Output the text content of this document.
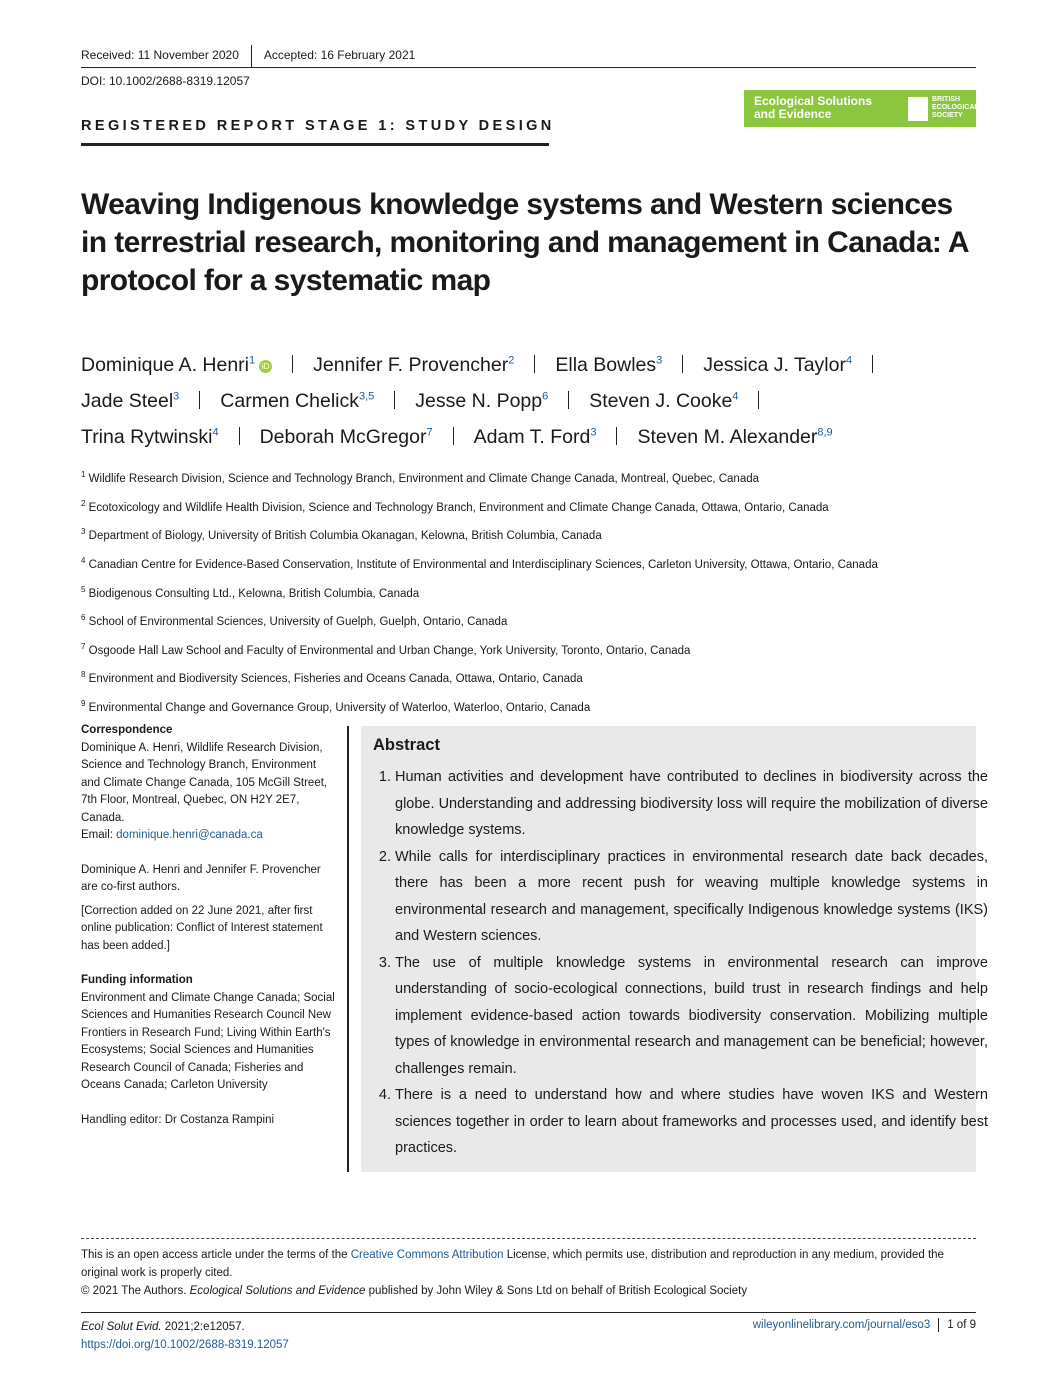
Received: 11 November 2020 Accepted: 16 February 2021
DOI: 10.1002/2688-8319.12057
REGISTERED REPORT STAGE 1: STUDY DESIGN
Ecological Solutions
and Evidence
BRITISH
ECOLOGICAL
SOCIETY
Weaving Indigenous knowledge systems and Western sciences in terrestrial research, monitoring and management in Canada: A protocol for a systematic map
Dominique A. Henri$^1$ iD Jennifer F. Provencher$^2$ Ella Bowles$^3$ Jessica J. Taylor$^4$
Jade Steel$^3$ Carmen Chelick$^{3,5}$ Jesse N. Popp$^6$ Steven J. Cooke$^4$
Trina Rytwinski$^4$ Deborah McGregor$^7$ Adam T. Ford$^3$ Steven M. Alexander$^{8,9}$
$^1$ Wildlife Research Division, Science and Technology Branch, Environment and Climate Change Canada, Montreal, Quebec, Canada
$^2$ Ecotoxicology and Wildlife Health Division, Science and Technology Branch, Environment and Climate Change Canada, Ottawa, Ontario, Canada
$^3$ Department of Biology, University of British Columbia Okanagan, Kelowna, British Columbia, Canada
$^4$ Canadian Centre for Evidence-Based Conservation, Institute of Environmental and Interdisciplinary Sciences, Carleton University, Ottawa, Ontario, Canada
$^5$ Biodigenous Consulting Ltd., Kelowna, British Columbia, Canada
$^6$ School of Environmental Sciences, University of Guelph, Guelph, Ontario, Canada
$^7$ Osgoode Hall Law School and Faculty of Environmental and Urban Change, York University, Toronto, Ontario, Canada
$^8$ Environment and Biodiversity Sciences, Fisheries and Oceans Canada, Ottawa, Ontario, Canada
$^9$ Environmental Change and Governance Group, University of Waterloo, Waterloo, Ontario, Canada
Correspondence
Dominique A. Henri, Wildlife Research Division, Science and Technology Branch, Environment and Climate Change Canada, 105 McGill Street, 7th Floor, Montreal, Quebec, ON H2Y 2E7, Canada.
Email: dominique.henri@canada.ca
Dominique A. Henri and Jennifer F. Provencher are co-first authors.
[Correction added on 22 June 2021, after first online publication: Conflict of Interest statement has been added.]
Funding information
Environment and Climate Change Canada; Social Sciences and Humanities Research Council New Frontiers in Research Fund; Living Within Earth's Ecosystems; Social Sciences and Humanities Research Council of Canada; Fisheries and Oceans Canada; Carleton University
Handling editor: Dr Costanza Rampini
Abstract
1. Human activities and development have contributed to declines in biodiversity across the globe. Understanding and addressing biodiversity loss will require the mobilization of diverse knowledge systems.
2. While calls for interdisciplinary practices in environmental research date back decades, there has been a more recent push for weaving multiple knowledge systems in environmental research and management, specifically Indigenous knowledge systems (IKS) and Western sciences.
3. The use of multiple knowledge systems in environmental research can improve understanding of socio-ecological connections, build trust in research findings and help implement evidence-based action towards biodiversity conservation. Mobilizing multiple types of knowledge in environmental research and management can be beneficial; however, challenges remain.
4. There is a need to understand how and where studies have woven IKS and Western sciences together in order to learn about frameworks and processes used, and identify best practices.
This is an open access article under the terms of the Creative Commons Attribution License, which permits use, distribution and reproduction in any medium, provided the original work is properly cited.
© 2021 The Authors. Ecological Solutions and Evidence published by John Wiley & Sons Ltd on behalf of British Ecological Society
Ecol Solut Evid. 2021;2:e12057.
https://doi.org/10.1002/2688-8319.12057
wileyonlinelibrary.com/journal/eso3 1 of 9
